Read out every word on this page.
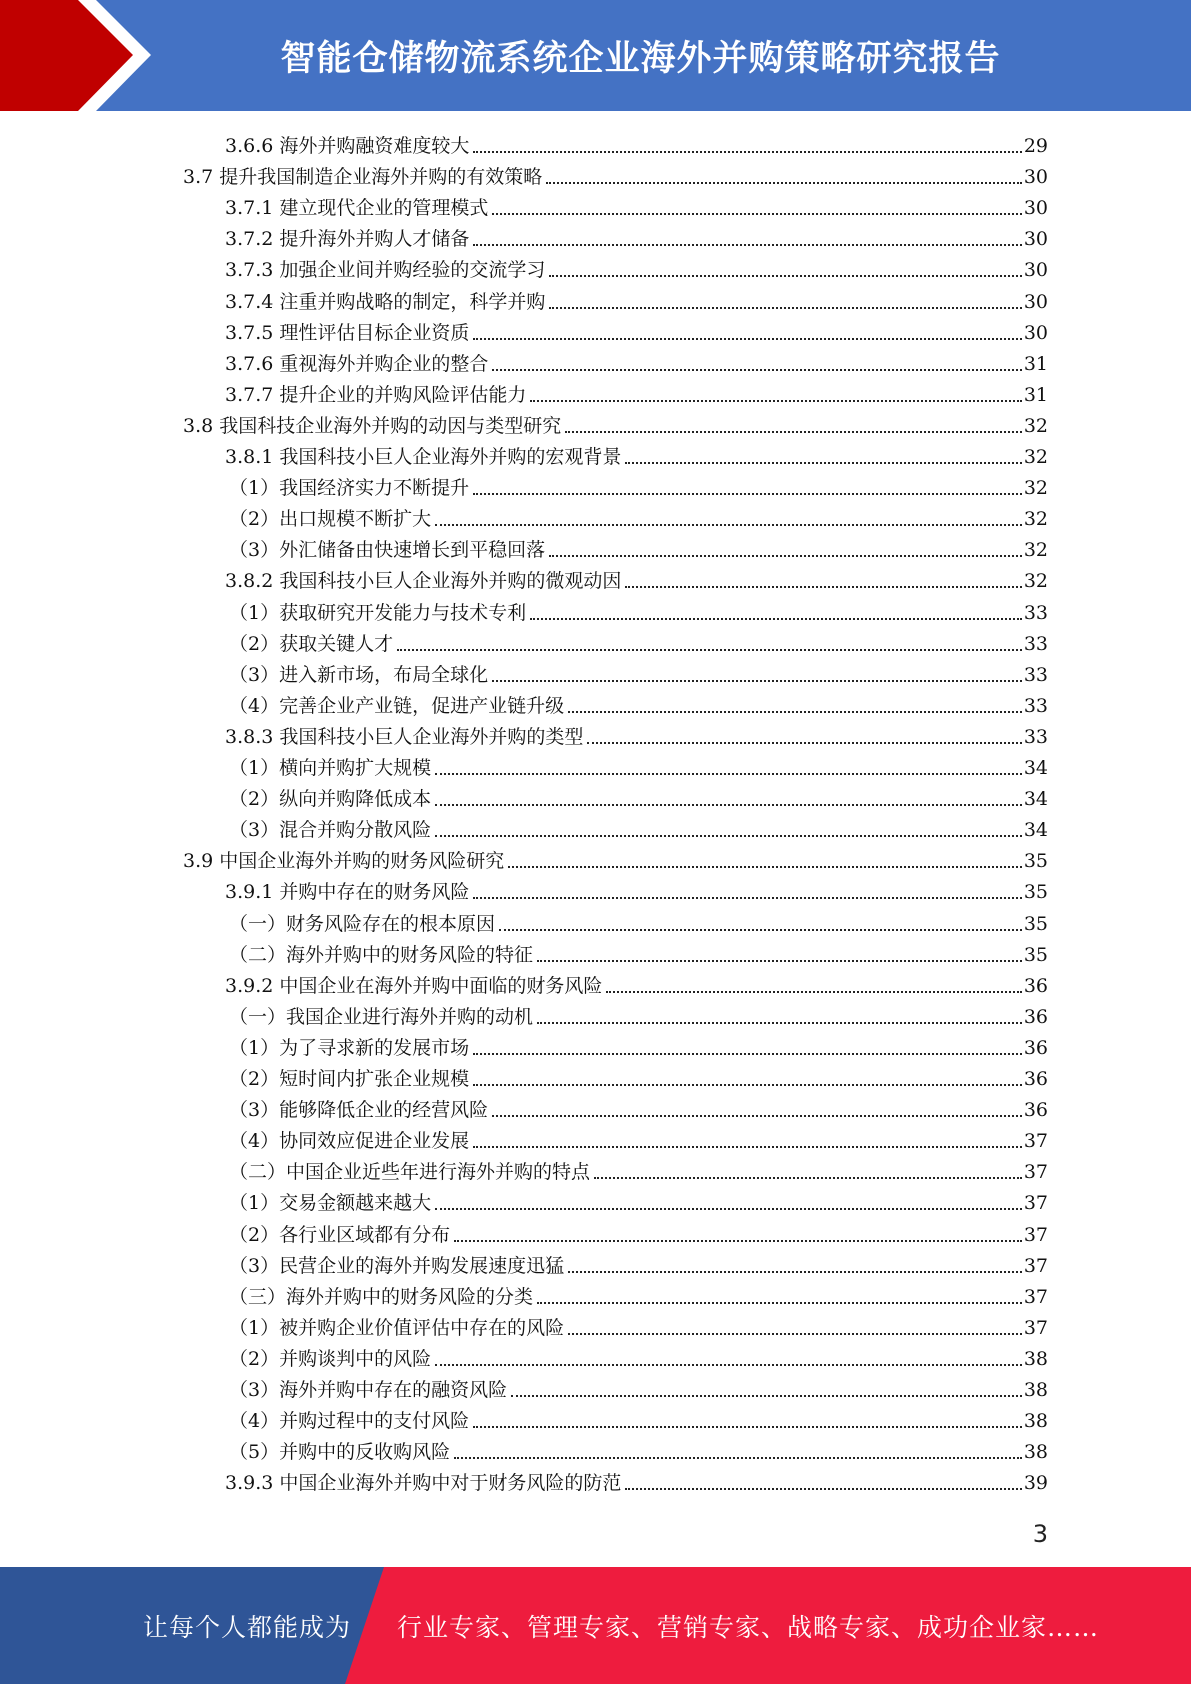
智能仓储物流系统企业海外并购策略研究报告
3.6.6 海外并购融资难度较大	29
3.7 提升我国制造企业海外并购的有效策略	30
3.7.1 建立现代企业的管理模式	30
3.7.2 提升海外并购人才储备	30
3.7.3 加强企业间并购经验的交流学习	30
3.7.4 注重并购战略的制定，科学并购	30
3.7.5 理性评估目标企业资质	30
3.7.6 重视海外并购企业的整合	31
3.7.7 提升企业的并购风险评估能力	31
3.8 我国科技企业海外并购的动因与类型研究	32
3.8.1 我国科技小巨人企业海外并购的宏观背景	32
（1）我国经济实力不断提升	32
（2）出口规模不断扩大	32
（3）外汇储备由快速增长到平稳回落	32
3.8.2 我国科技小巨人企业海外并购的微观动因	32
（1）获取研究开发能力与技术专利	33
（2）获取关键人才	33
（3）进入新市场，布局全球化	33
（4）完善企业产业链，促进产业链升级	33
3.8.3 我国科技小巨人企业海外并购的类型	33
（1）横向并购扩大规模	34
（2）纵向并购降低成本	34
（3）混合并购分散风险	34
3.9 中国企业海外并购的财务风险研究	35
3.9.1 并购中存在的财务风险	35
（一）财务风险存在的根本原因	35
（二）海外并购中的财务风险的特征	35
3.9.2 中国企业在海外并购中面临的财务风险	36
（一）我国企业进行海外并购的动机	36
（1）为了寻求新的发展市场	36
（2）短时间内扩张企业规模	36
（3）能够降低企业的经营风险	36
（4）协同效应促进企业发展	37
（二）中国企业近些年进行海外并购的特点	37
（1）交易金额越来越大	37
（2）各行业区域都有分布	37
（3）民营企业的海外并购发展速度迅猛	37
（三）海外并购中的财务风险的分类	37
（1）被并购企业价值评估中存在的风险	37
（2）并购谈判中的风险	38
（3）海外并购中存在的融资风险	38
（4）并购过程中的支付风险	38
（5）并购中的反收购风险	38
3.9.3 中国企业海外并购中对于财务风险的防范	39
3
让每个人都能成为 行业专家、管理专家、营销专家、战略专家、成功企业家……
